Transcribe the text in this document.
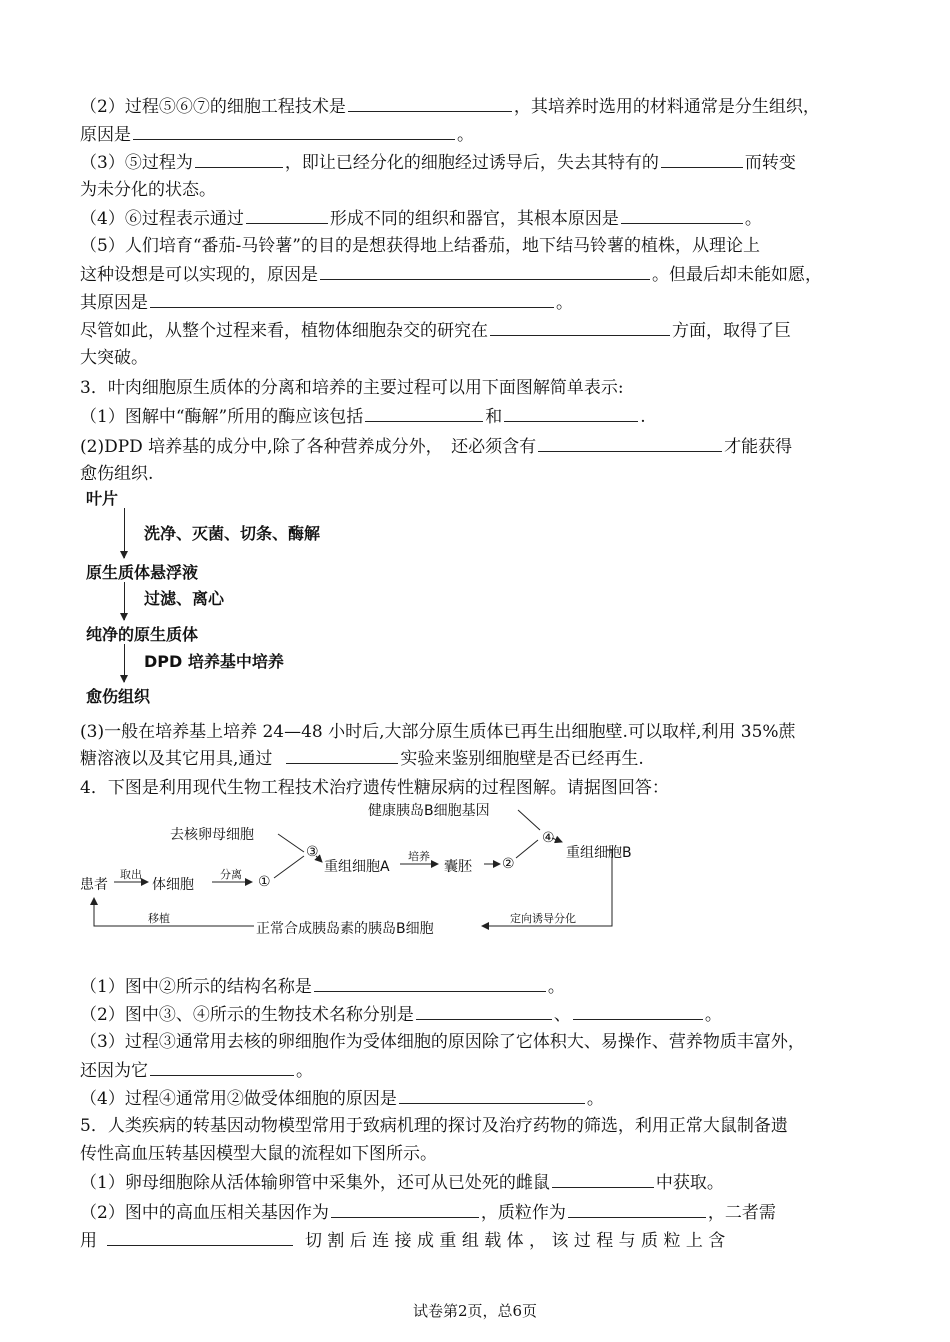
（2）过程⑤⑥⑦的细胞工程技术是	，其培养时选用的材料通常是分生组织，
原因是	。
（3）⑤过程为	，即让已经分化的细胞经过诱导后，失去其特有的	而转变
为未分化的状态。
（4）⑥过程表示通过	形成不同的组织和器官，其根本原因是	。
（5）人们培育“番茄-马铃薯”的目的是想获得地上结番茄，地下结马铃薯的植株，从理论上
这种设想是可以实现的，原因是	。但最后却未能如愿，
其原因是	。
尽管如此，从整个过程来看，植物体细胞杂交的研究在	方面，取得了巨
大突破。
3．叶肉细胞原生质体的分离和培养的主要过程可以用下面图解简单表示:
（1）图解中“酶解”所用的酶应该包括	和	.
(2)DPD 培养基的成分中,除了各种营养成分外，　还必须含有	才能获得
愈伤组织.
叶片
洗净、灭菌、切条、酶解
原生质体悬浮液
过滤、离心
纯净的原生质体
DPD 培养基中培养
愈伤组织
(3)一般在培养基上培养 24—48 小时后,大部分原生质体已再生出细胞壁.可以取样,利用 35%蔗
糖溶液以及其它用具,通过	实验来鉴别细胞壁是否已经再生.
4．下图是利用现代生物工程技术治疗遗传性糖尿病的过程图解。请据图回答：
患者
取出
体细胞
分离 ①
去核卵母细胞
③
重组细胞A
培养
囊胚 ②
健康胰岛B细胞基因
④
重组细胞B
移植
正常合成胰岛素的胰岛B细胞
定向诱导分化
（1）图中②所示的结构名称是	。
（2）图中③、④所示的生物技术名称分别是	、	。
（3）过程③通常用去核的卵细胞作为受体细胞的原因除了它体积大、易操作、营养物质丰富外，
还因为它	。
（4）过程④通常用②做受体细胞的原因是	。
5．人类疾病的转基因动物模型常用于致病机理的探讨及治疗药物的筛选，利用正常大鼠制备遗
传性高血压转基因模型大鼠的流程如下图所示。
（1）卵母细胞除从活体输卵管中采集外，还可从已处死的雌鼠	中获取。
（2）图中的高血压相关基因作为	，质粒作为	，二者需
用	切 割 后 连 接 成 重 组 载 体 ， 该 过 程 与 质 粒 上 含
试卷第2页，总6页
